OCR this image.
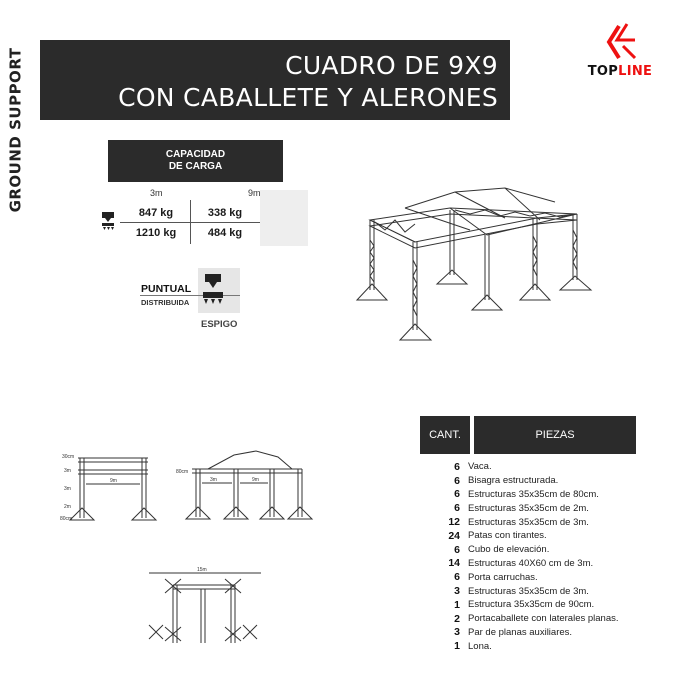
GROUND SUPPORT	CUADRO DE 9X9
CON CABALLETE Y ALERONES
TOPLINE
CAPACIDAD
DE CARGA
3m	9m
847 kg	338 kg
1210 kg	484 kg
PUNTUAL
DISTRIBUIDA
ESPIGO
30cm
3m
3m
2m
80cm
9m
80cm
3m	9m
15m
CANT.	PIEZAS
6 Vaca.
6 Bisagra estructurada.
6 Estructuras 35x35cm de 80cm.
6 Estructuras 35x35cm de 2m.
12 Estructuras 35x35cm de 3m.
24 Patas con tirantes.
6 Cubo de elevación.
14 Estructuras 40X60 cm de 3m.
6 Porta carruchas.
3 Estructuras 35x35cm de 3m.
1 Estructura 35x35cm de 90cm.
2 Portacaballete con laterales planas.
3 Par de planas auxiliares.
1 Lona.
